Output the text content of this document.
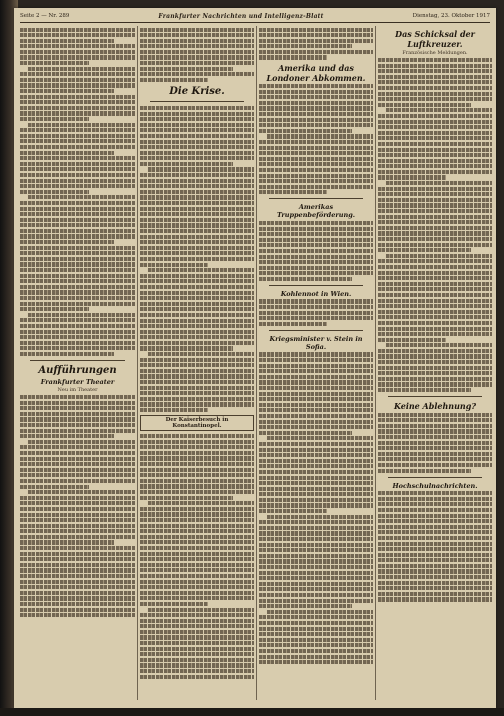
Seite 2 — Nr. 289	Frankfurter Nachrichten und Intelligenz-Blatt	Dienstag, 23. Oktober 1917
Aufführungen
Frankfurter Theater
Neu im Theater
Die Krise.
Der Kaiserbesuch in Konstantinopel.
Amerika und das Londoner Abkommen.
Amerikas Truppenbeförderung.
Kohlennot in Wien.
Kriegsminister v. Stein in Sofia.
Das Schicksal der Luftkreuzer.
Französische Meldungen.
Keine Ablehnung?
Hochschulnachrichten.
